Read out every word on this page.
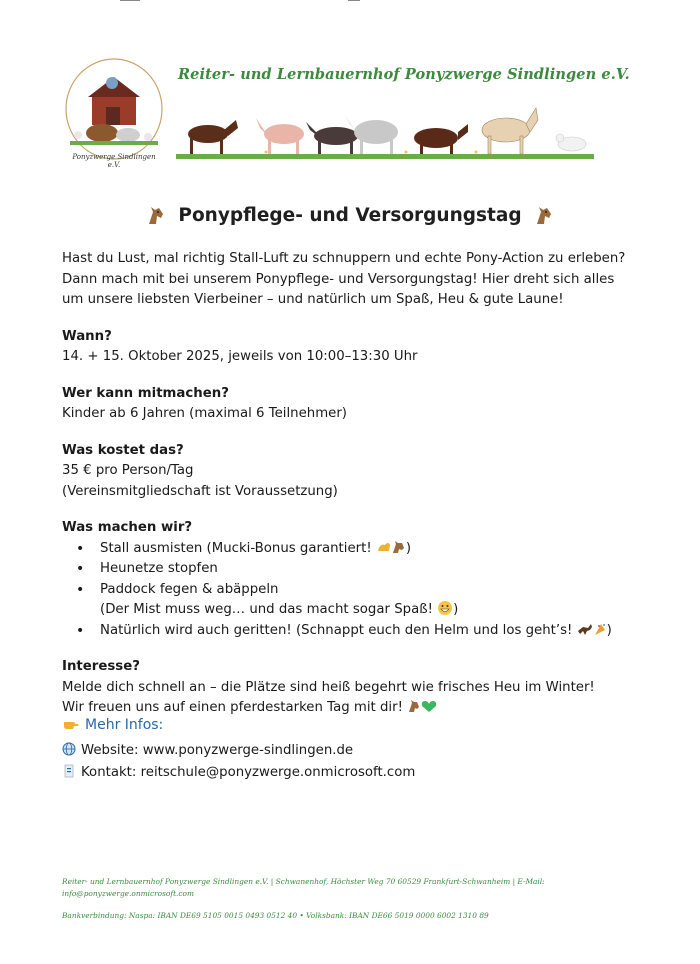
Ponyzwerge Sindlingen e.V.
Reiter- und Lernbauernhof Ponyzwerge Sindlingen e.V.
Ponypflege- und Versorgungstag

Hast du Lust, mal richtig Stall-Luft zu schnuppern und echte Pony-Action zu erleben?

Dann mach mit bei unserem Ponypflege- und Versorgungstag! Hier dreht sich alles

um unsere liebsten Vierbeiner – und natürlich um Spaß, Heu & gute Laune!

Wann?

14. + 15. Oktober 2025, jeweils von 10:00–13:30 Uhr

Wer kann mitmachen?

Kinder ab 6 Jahren (maximal 6 Teilnehmer)

Was kostet das?

35 € pro Person/Tag

(Vereinsmitgliedschaft ist Voraussetzung)

Was machen wir?

• Stall ausmisten (Mucki-Bonus garantiert! )
• Heunetze stopfen
• Paddock fegen & abäppeln
(Der Mist muss weg… und das macht sogar Spaß! )
• Natürlich wird auch geritten! (Schnappt euch den Helm und los geht’s! )

Interesse?

Melde dich schnell an – die Plätze sind heiß begehrt wie frisches Heu im Winter!

Wir freuen uns auf einen pferdestarken Tag mit dir!

Mehr Infos:
Website: www.ponyzwerge-sindlingen.de
Kontakt: reitschule@ponyzwerge.onmicrosoft.com
Reiter- und Lernbauernhof Ponyzwerge Sindlingen e.V. | Schwanenhof, Höchster Weg 70 60529 Frankfurt-Schwanheim | E-Mail: info@ponyzwerge.onmicrosoft.com
Bankverbindung: Naspa: IBAN DE69 5105 0015 0493 0512 40 • Volksbank: IBAN DE66 5019 0000 6002 1310 89
